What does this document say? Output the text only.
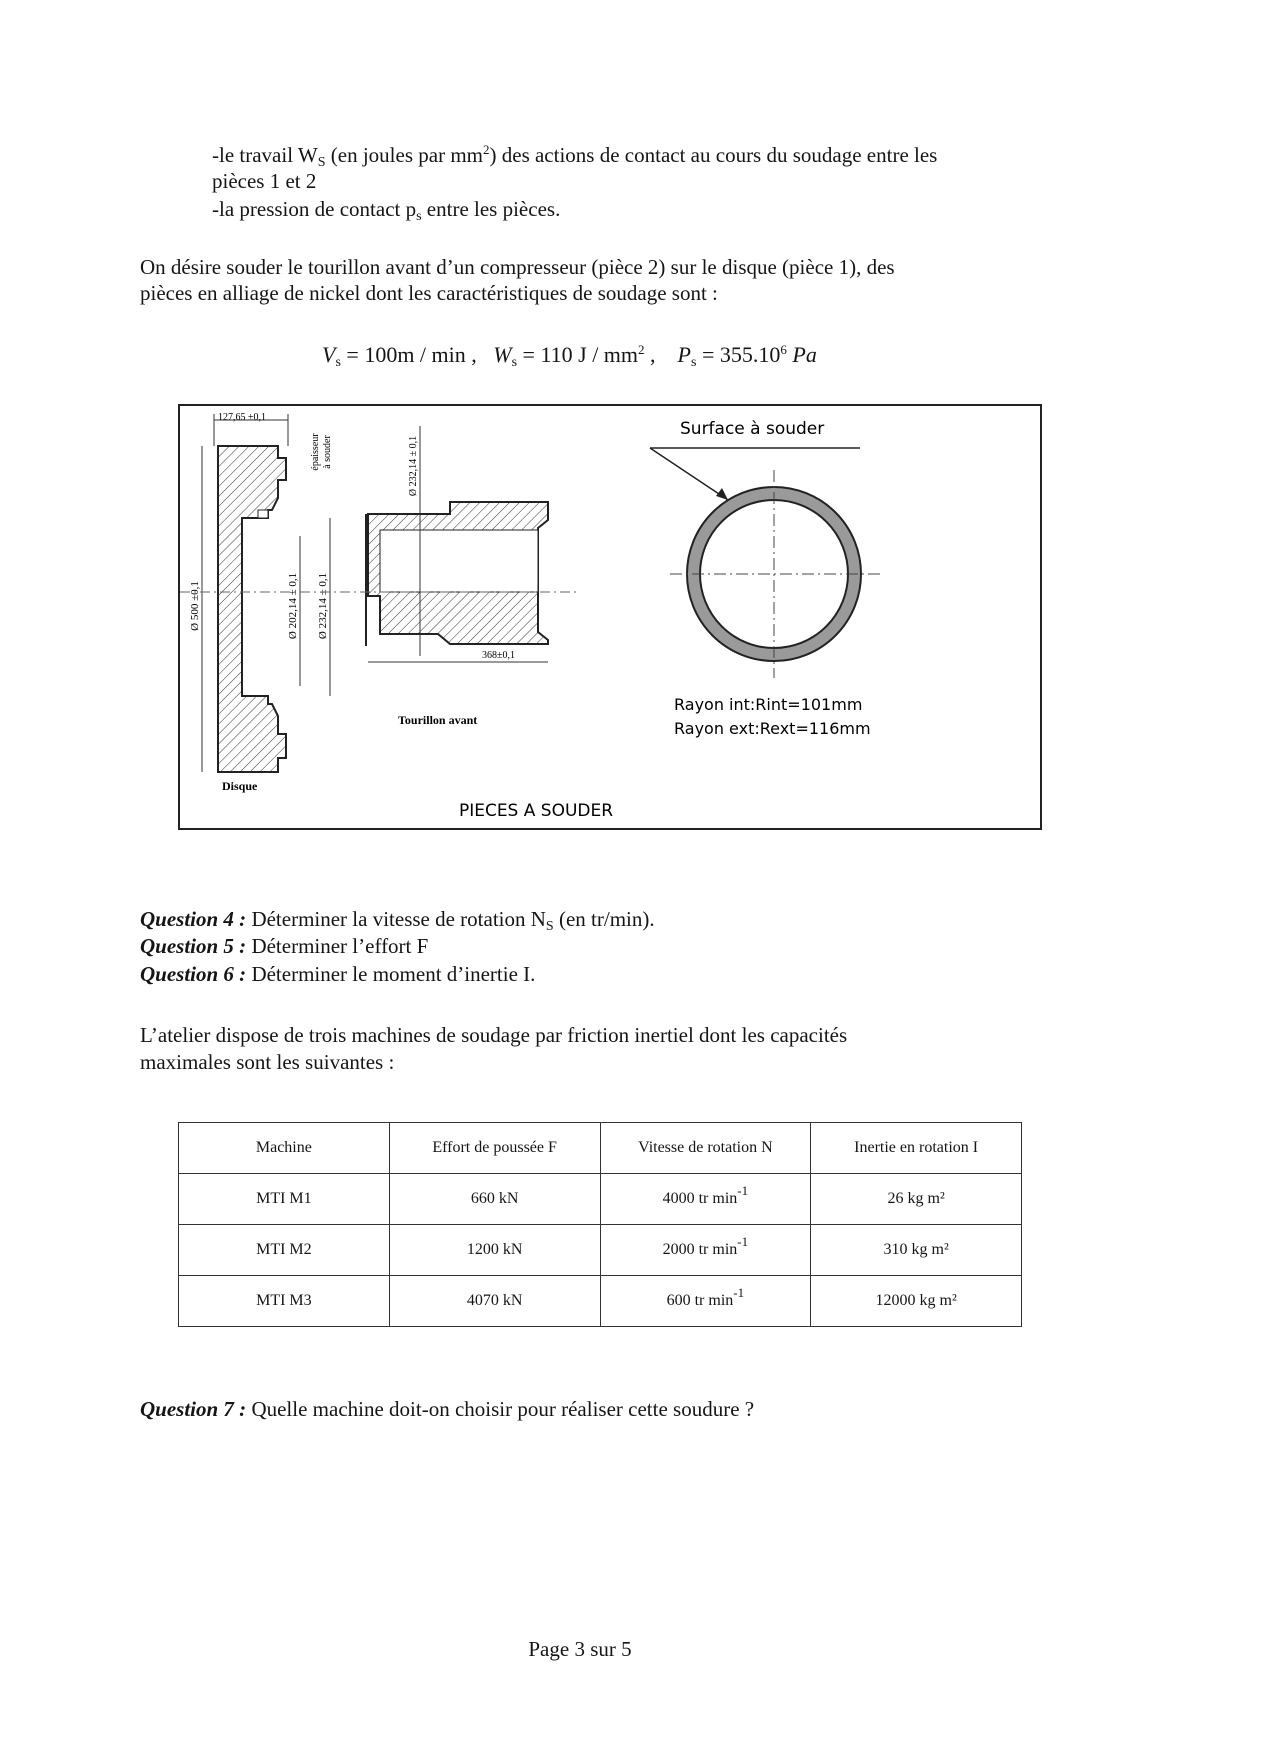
-le travail $W_S$ (en joules par $mm^2$) des actions de contact au cours du soudage entre les
pièces 1 et 2
-la pression de contact $p_s$ entre les pièces.
On désire souder le tourillon avant d’un compresseur (pièce 2) sur le disque (pièce 1), des
pièces en alliage de nickel dont les caractéristiques de soudage sont :
$V_s = 100m / \min$ , $W_s = 110$ J / $mm^2$ , $P_s = 355.10^6$ Pa
127,65 ±0,1
Ø 500 ±0,1
Disque
Ø 202,14 ± 0,1 Ø 232,14 ± 0,1
épaisseur à souder	Ø 232,14 ± 0,1
368±0,1
Tourillon avant
Surface à souder
Rayon int:Rint=101mm
Rayon ext:Rext=116mm
PIECES A SOUDER
Question 4 : Déterminer la vitesse de rotation $N_S$ (en tr/min).
Question 5 : Déterminer l’effort F
Question 6 : Déterminer le moment d’inertie I.
L’atelier dispose de trois machines de soudage par friction inertiel dont les capacités
maximales sont les suivantes :
Machine	Effort de poussée F	Vitesse de rotation N	Inertie en rotation I
MTI M1	660 kN	4000 tr $\min^{-1}$	26 kg m²
MTI M2	1200 kN	2000 tr $\min^{-1}$	310 kg m²
MTI M3	4070 kN	600 tr $\min^{-1}$	12000 kg m²
Question 7 : Quelle machine doit-on choisir pour réaliser cette soudure ?
Page 3 sur 5
